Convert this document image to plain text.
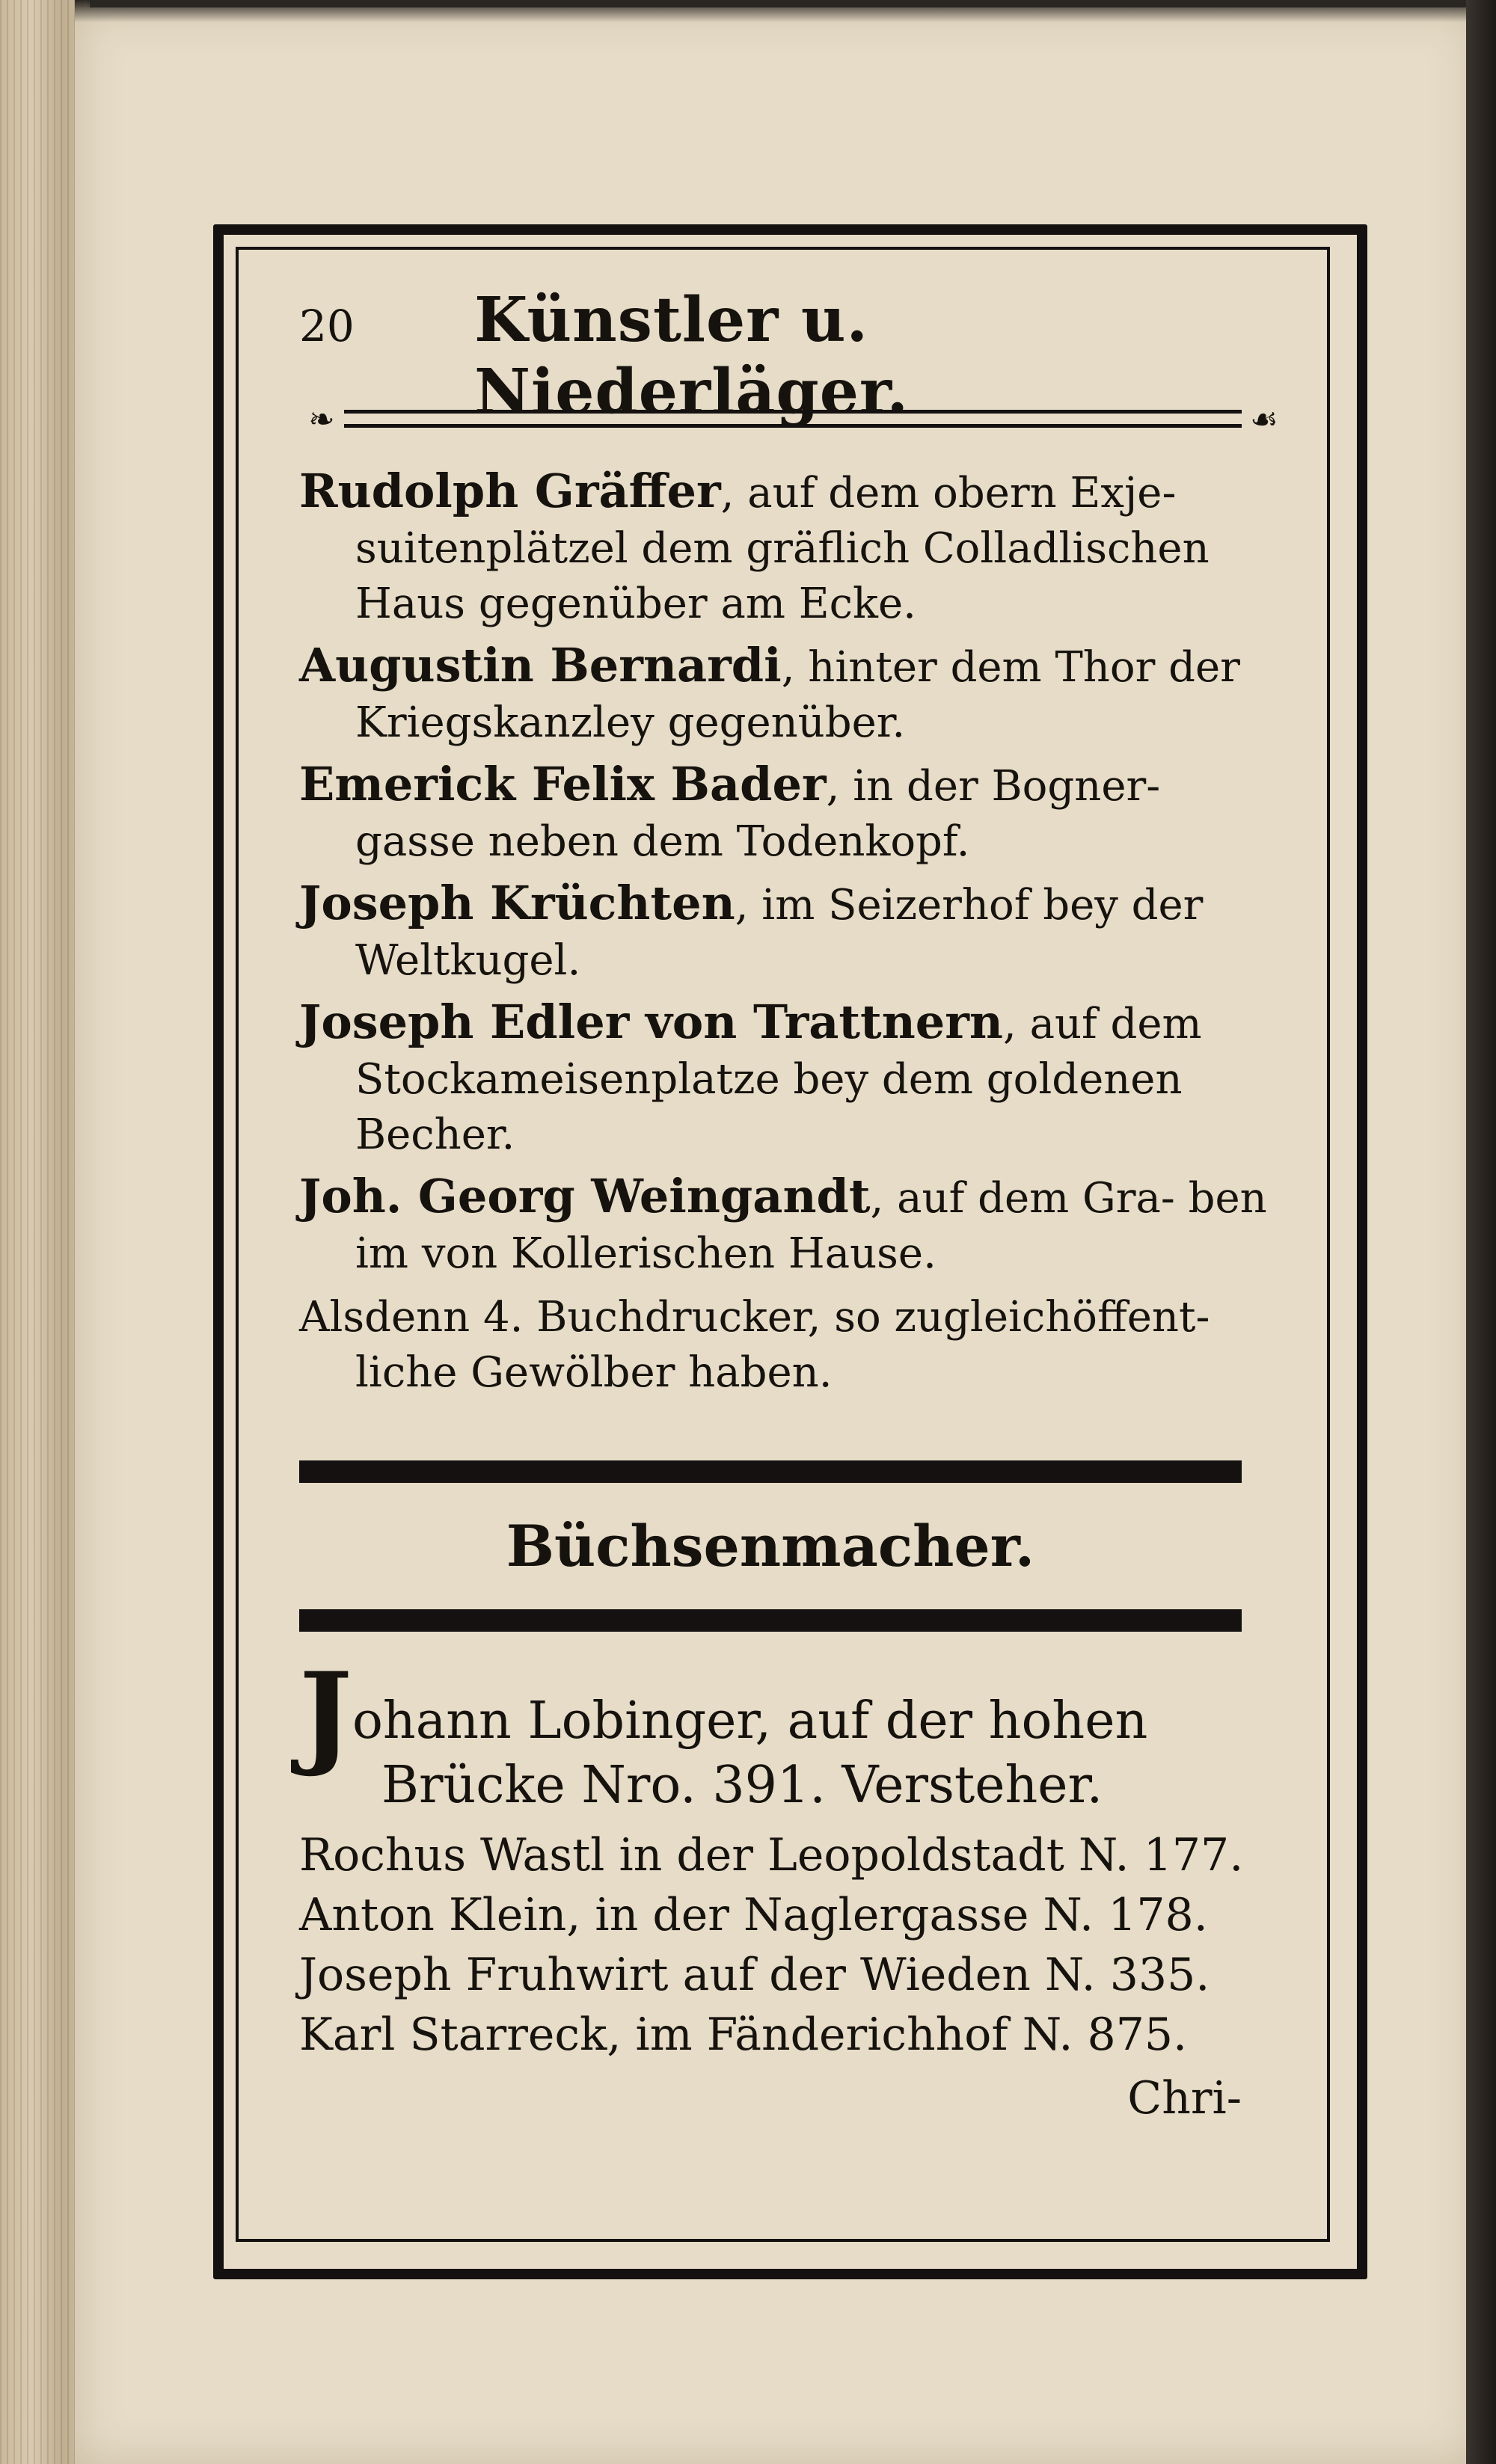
20	Künstler u. Niederläger.
❧	☙
Rudolph Gräffer, auf dem obern Exje- suitenplätzel dem gräflich Colladlischen Haus gegenüber am Ecke.
Augustin Bernardi, hinter dem Thor der Kriegskanzley gegenüber.
Emerick Felix Bader, in der Bogner- gasse neben dem Todenkopf.
Joseph Krüchten, im Seizerhof bey der Weltkugel.
Joseph Edler von Trattnern, auf dem Stockameisenplatze bey dem goldenen Becher.
Joh. Georg Weingandt, auf dem Gra- ben im von Kollerischen Hause.
Alsdenn 4. Buchdrucker, so zugleichöffent- liche Gewölber haben.
Büchsenmacher.
Johann Lobinger, auf der hohen Brücke Nro. 391. Versteher.
Rochus Wastl in der Leopoldstadt N. 177.
Anton Klein, in der Naglergasse N. 178.
Joseph Fruhwirt auf der Wieden N. 335.
Karl Starreck, im Fänderichhof N. 875.
Chri-
